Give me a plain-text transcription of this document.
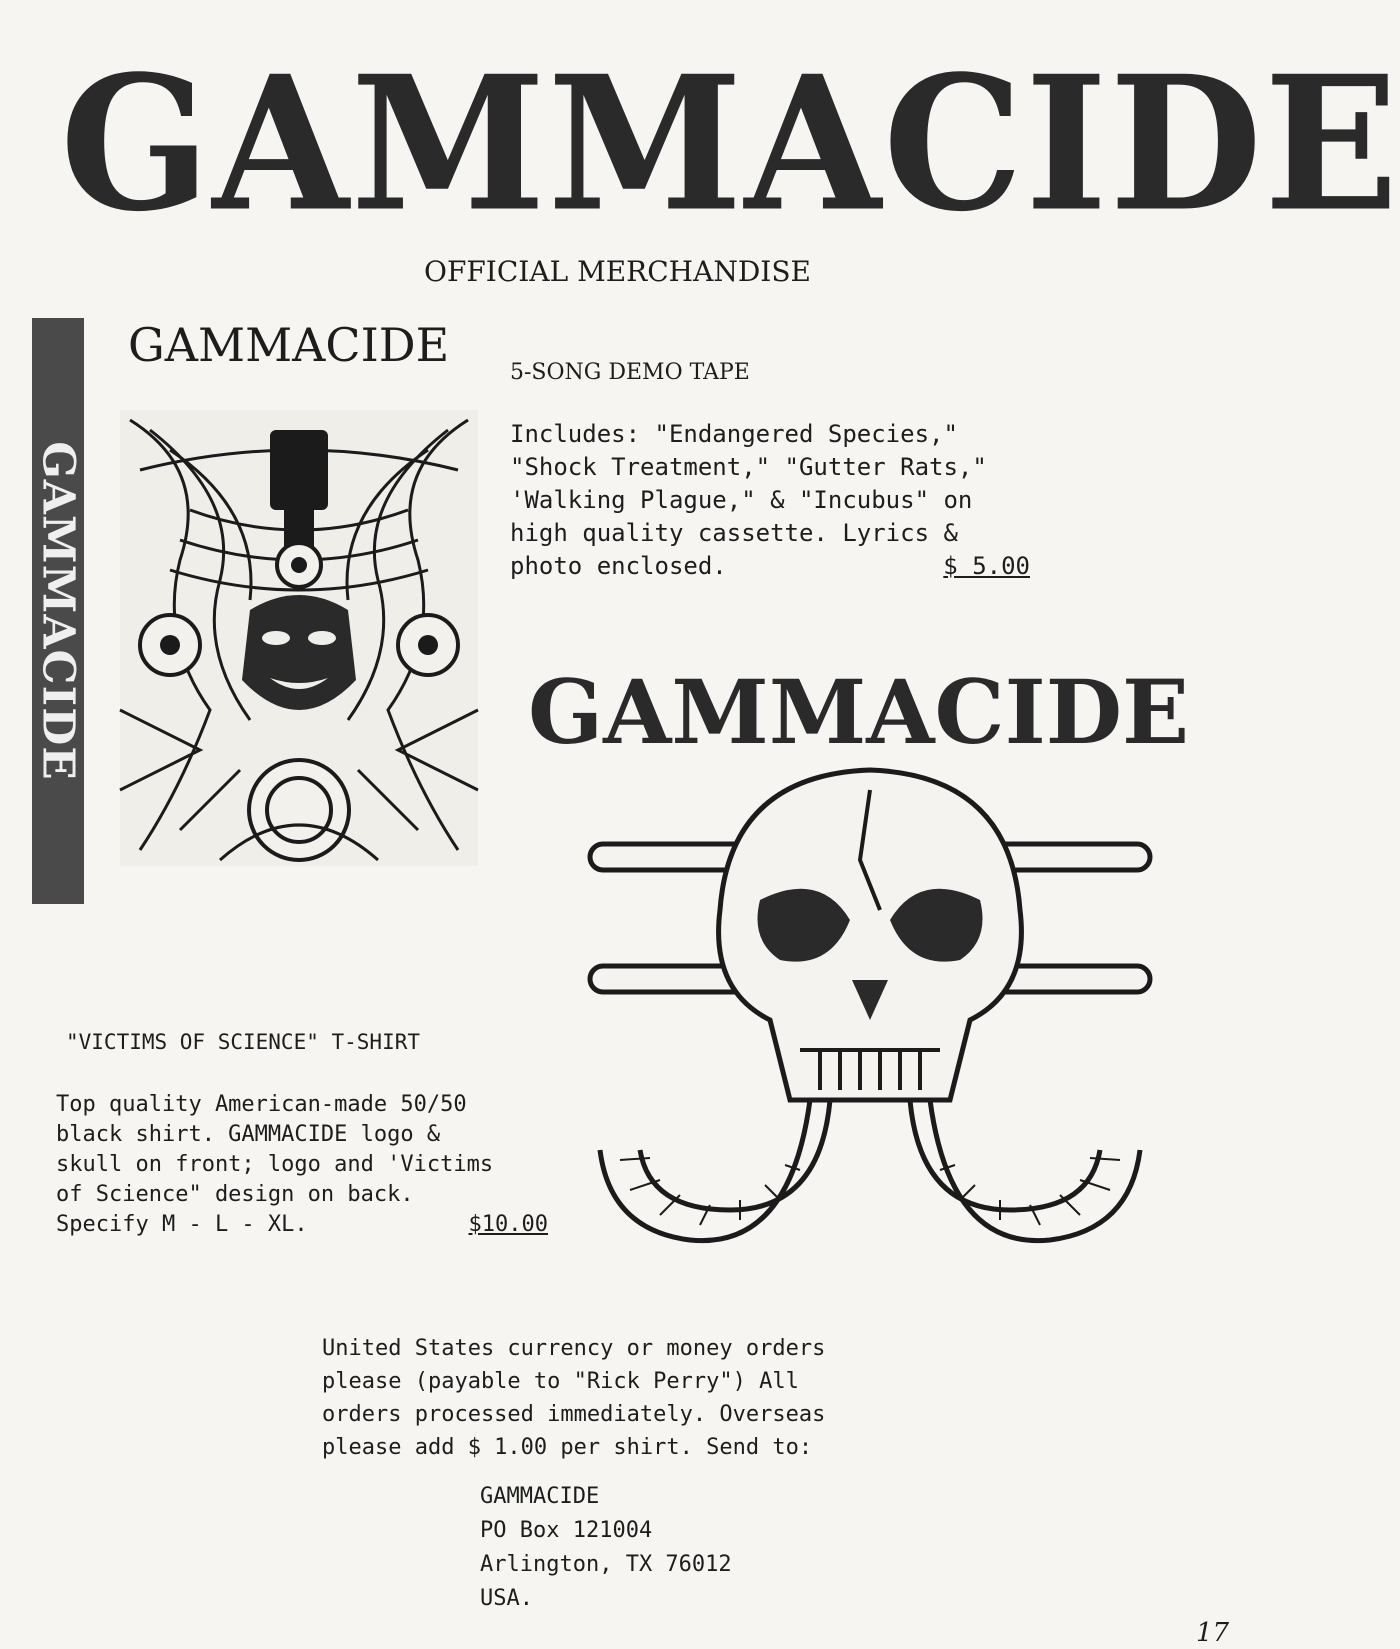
GAMMACIDE
OFFICIAL MERCHANDISE
GAMMACIDE
GAMMACIDE
5-SONG DEMO TAPE
Includes: "Endangered Species,"
"Shock Treatment," "Gutter Rats,"
'Walking Plague," & "Incubus" on
high quality cassette. Lyrics &
photo enclosed.	$ 5.00
GAMMACIDE
"VICTIMS OF SCIENCE" T-SHIRT
Top quality American-made 50/50
black shirt. GAMMACIDE logo &
skull on front; logo and 'Victims
of Science" design on back.
Specify M - L - XL.	$10.00
United States currency or money orders
please (payable to "Rick Perry") All
orders processed immediately. Overseas
please add $ 1.00 per shirt. Send to:
GAMMACIDE
PO Box 121004
Arlington, TX 76012
USA.
17
